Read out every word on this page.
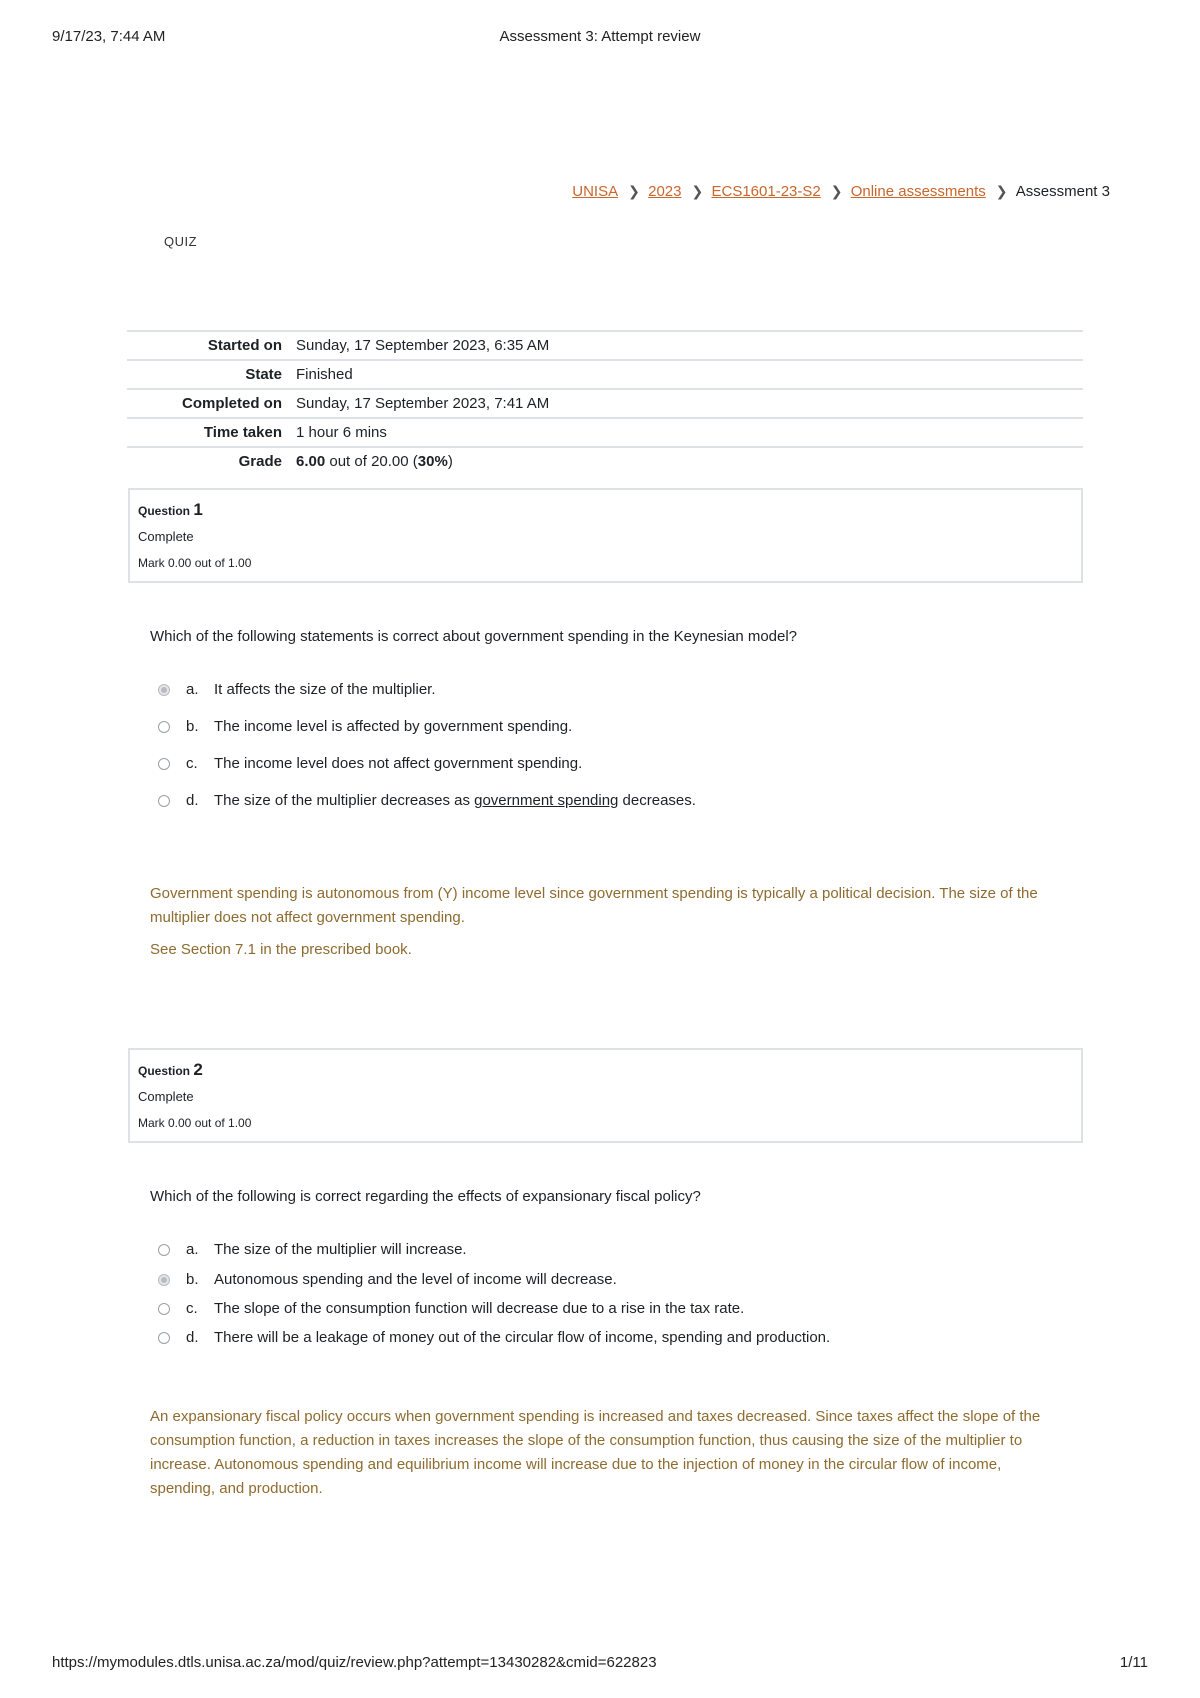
9/17/23, 7:44 AM	Assessment 3: Attempt review
UNISA ❯ 2023 ❯ ECS1601-23-S2 ❯ Online assessments ❯ Assessment 3
QUIZ
Started on	Sunday, 17 September 2023, 6:35 AM
State	Finished
Completed on	Sunday, 17 September 2023, 7:41 AM
Time taken	1 hour 6 mins
Grade	6.00 out of 20.00 (30%)
Question 1
Complete
Mark 0.00 out of 1.00
Which of the following statements is correct about government spending in the Keynesian model?
a.	It affects the size of the multiplier.
b.	The income level is affected by government spending.
c.	The income level does not affect government spending.
d.	The size of the multiplier decreases as government spending decreases.
Government spending is autonomous from (Y) income level since government spending is typically a political decision. The size of the multiplier does not affect government spending.
See Section 7.1 in the prescribed book.
Question 2
Complete
Mark 0.00 out of 1.00
Which of the following is correct regarding the effects of expansionary fiscal policy?
a.	The size of the multiplier will increase.
b.	Autonomous spending and the level of income will decrease.
c.	The slope of the consumption function will decrease due to a rise in the tax rate.
d.	There will be a leakage of money out of the circular flow of income, spending and production.
An expansionary fiscal policy occurs when government spending is increased and taxes decreased. Since taxes affect the slope of the consumption function, a reduction in taxes increases the slope of the consumption function, thus causing the size of the multiplier to increase. Autonomous spending and equilibrium income will increase due to the injection of money in the circular flow of income, spending, and production.
https://mymodules.dtls.unisa.ac.za/mod/quiz/review.php?attempt=13430282&cmid=622823	1/11
